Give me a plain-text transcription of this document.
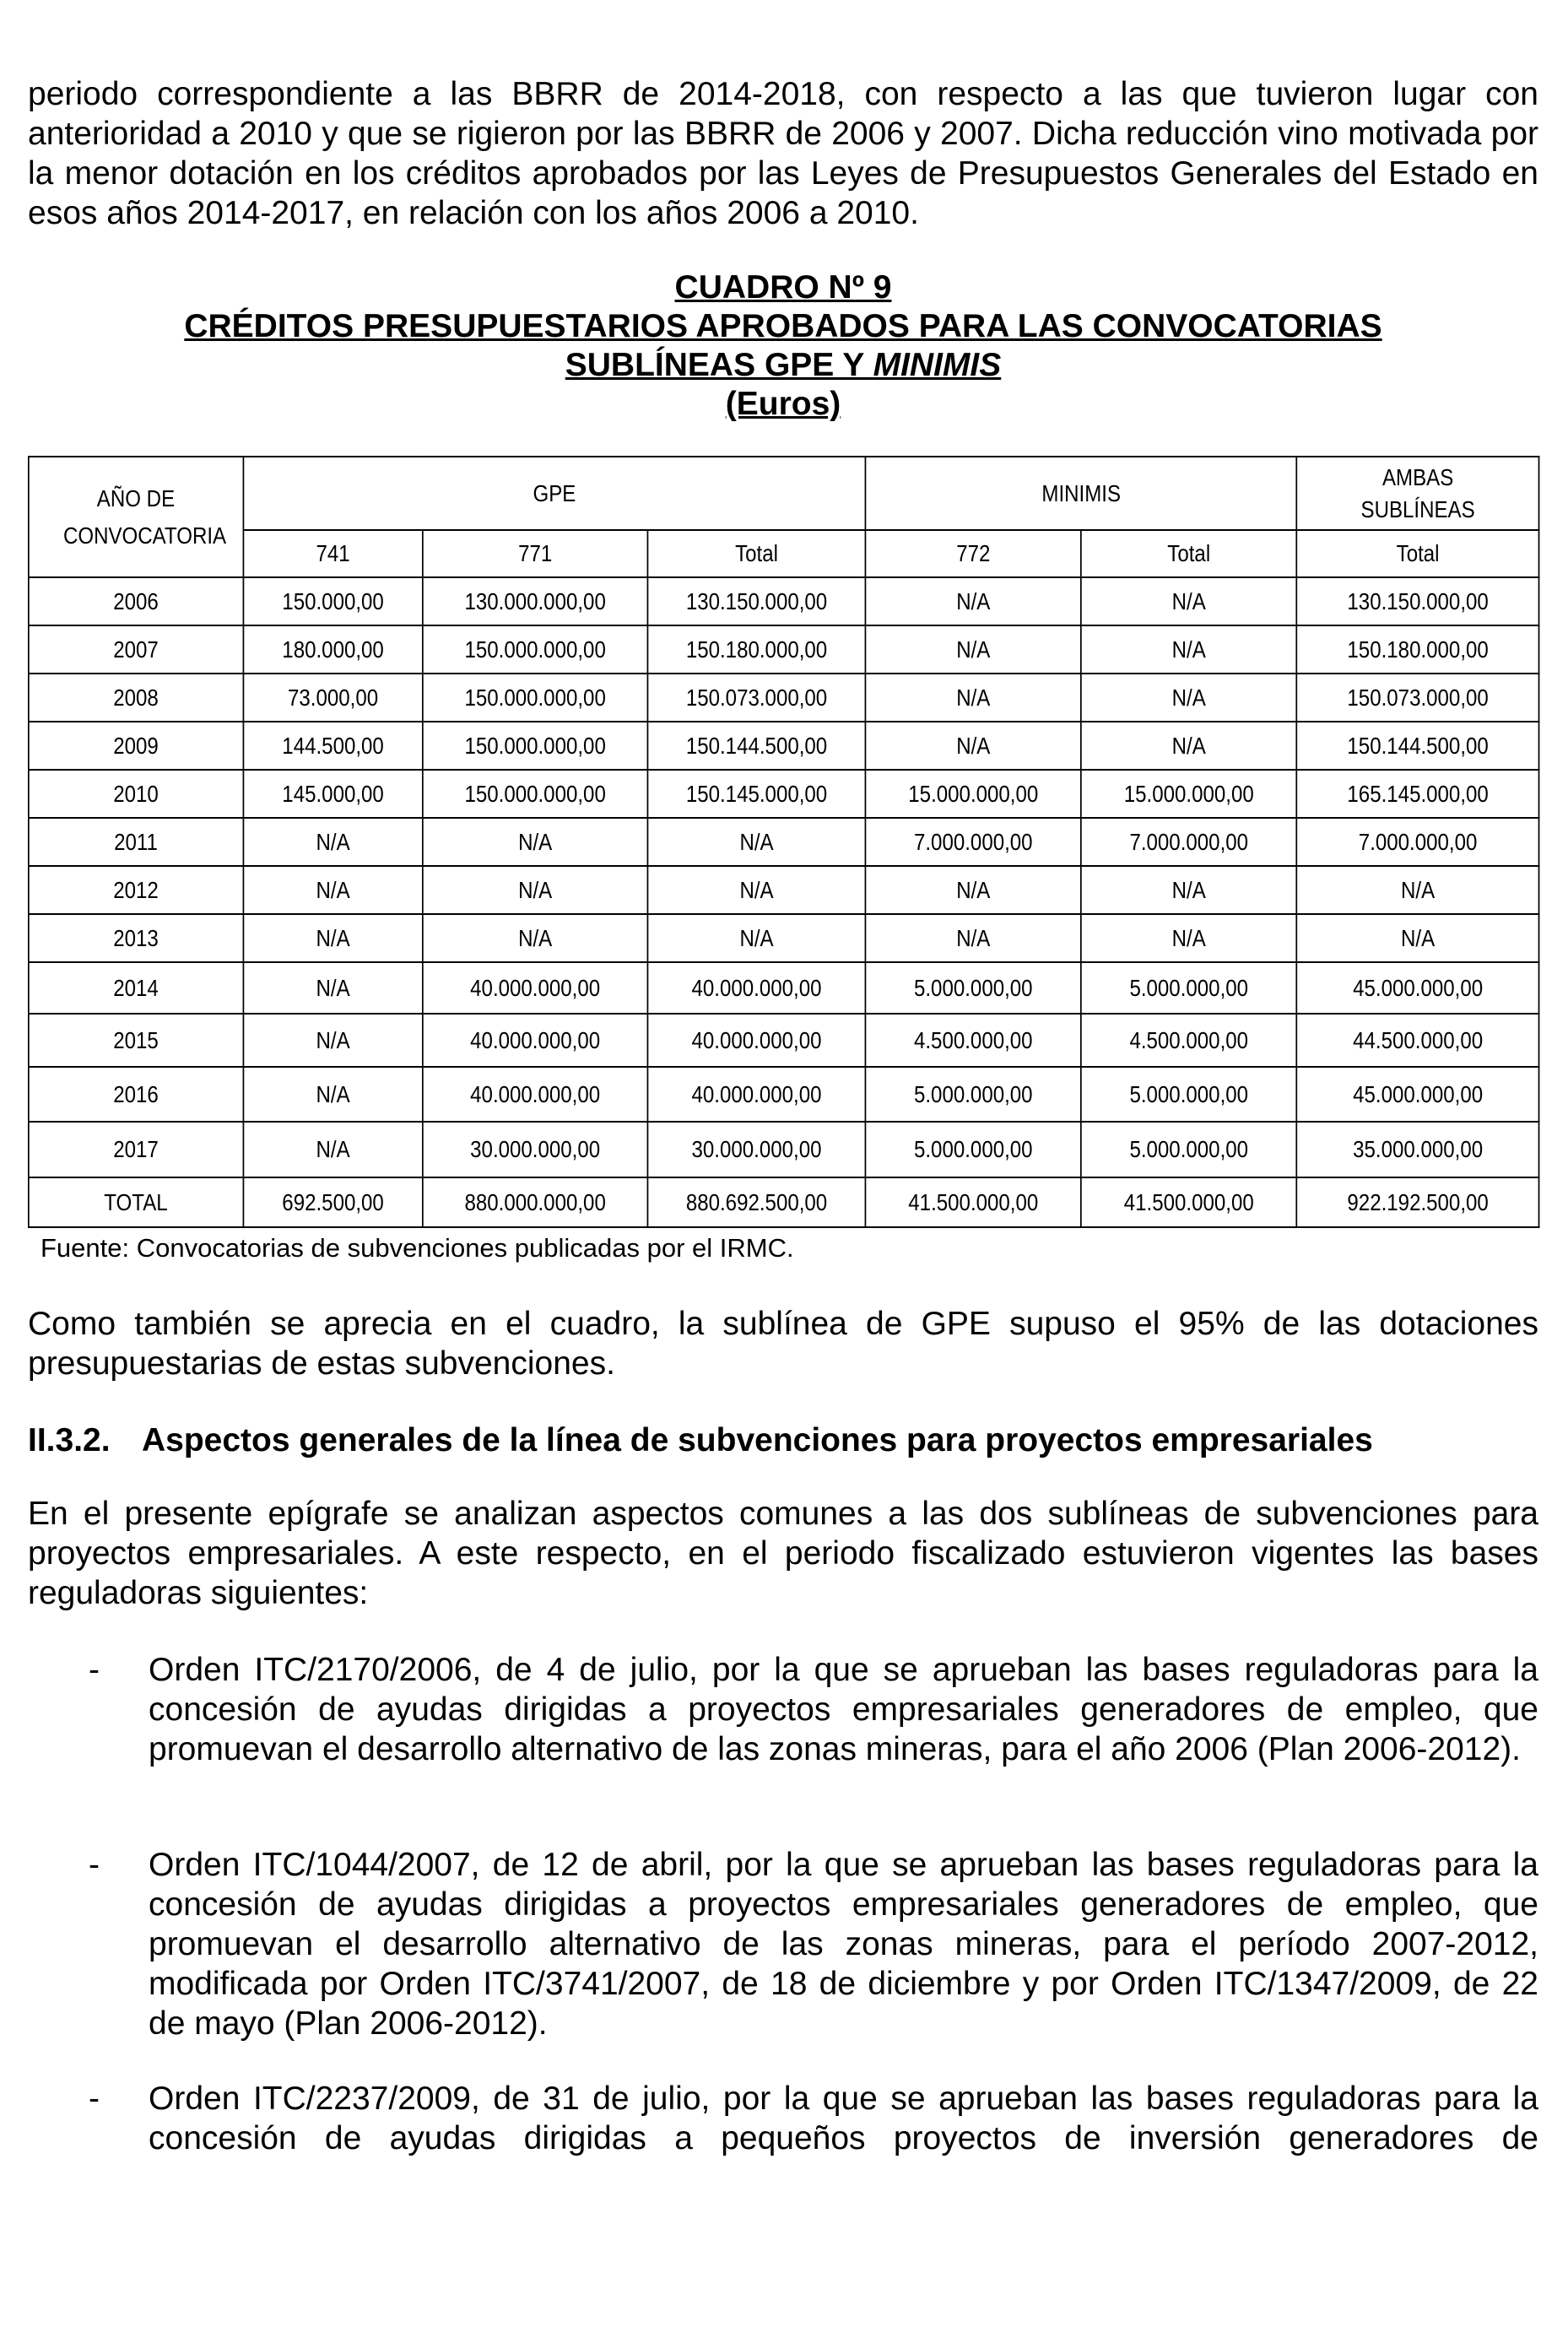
periodo correspondiente a las BBRR de 2014-2018, con respecto a las que tuvieron lugar con anterioridad a 2010 y que se rigieron por las BBRR de 2006 y 2007. Dicha reducción vino motivada por la menor dotación en los créditos aprobados por las Leyes de Presupuestos Generales del Estado en esos años 2014-2017, en relación con los años 2006 a 2010.

CUADRO Nº 9
CRÉDITOS PRESUPUESTARIOS APROBADOS PARA LAS CONVOCATORIAS
SUBLÍNEAS GPE Y MINIMIS
(Euros)
AÑO DE CONVOCATORIA	GPE			MINIMIS		AMBAS SUBLÍNEAS
	741	771	Total	772	Total	Total
2006	150.000,00	130.000.000,00	130.150.000,00	N/A	N/A	130.150.000,00
2007	180.000,00	150.000.000,00	150.180.000,00	N/A	N/A	150.180.000,00
2008	73.000,00	150.000.000,00	150.073.000,00	N/A	N/A	150.073.000,00
2009	144.500,00	150.000.000,00	150.144.500,00	N/A	N/A	150.144.500,00
2010	145.000,00	150.000.000,00	150.145.000,00	15.000.000,00	15.000.000,00	165.145.000,00
2011	N/A	N/A	N/A	7.000.000,00	7.000.000,00	7.000.000,00
2012	N/A	N/A	N/A	N/A	N/A	N/A
2013	N/A	N/A	N/A	N/A	N/A	N/A
2014	N/A	40.000.000,00	40.000.000,00	5.000.000,00	5.000.000,00	45.000.000,00
2015	N/A	40.000.000,00	40.000.000,00	4.500.000,00	4.500.000,00	44.500.000,00
2016	N/A	40.000.000,00	40.000.000,00	5.000.000,00	5.000.000,00	45.000.000,00
2017	N/A	30.000.000,00	30.000.000,00	5.000.000,00	5.000.000,00	35.000.000,00
TOTAL	692.500,00	880.000.000,00	880.692.500,00	41.500.000,00	41.500.000,00	922.192.500,00
Fuente: Convocatorias de subvenciones publicadas por el IRMC.

Como también se aprecia en el cuadro, la sublínea de GPE supuso el 95% de las dotaciones presupuestarias de estas subvenciones.

II.3.2. Aspectos generales de la línea de subvenciones para proyectos empresariales

En el presente epígrafe se analizan aspectos comunes a las dos sublíneas de subvenciones para proyectos empresariales. A este respecto, en el periodo fiscalizado estuvieron vigentes las bases reguladoras siguientes:

- Orden ITC/2170/2006, de 4 de julio, por la que se aprueban las bases reguladoras para la concesión de ayudas dirigidas a proyectos empresariales generadores de empleo, que promuevan el desarrollo alternativo de las zonas mineras, para el año 2006 (Plan 2006-2012).

- Orden ITC/1044/2007, de 12 de abril, por la que se aprueban las bases reguladoras para la concesión de ayudas dirigidas a proyectos empresariales generadores de empleo, que promuevan el desarrollo alternativo de las zonas mineras, para el período 2007-2012, modificada por Orden ITC/3741/2007, de 18 de diciembre y por Orden ITC/1347/2009, de 22 de mayo (Plan 2006-2012).

- Orden ITC/2237/2009, de 31 de julio, por la que se aprueban las bases reguladoras para la concesión de ayudas dirigidas a pequeños proyectos de inversión generadores de
